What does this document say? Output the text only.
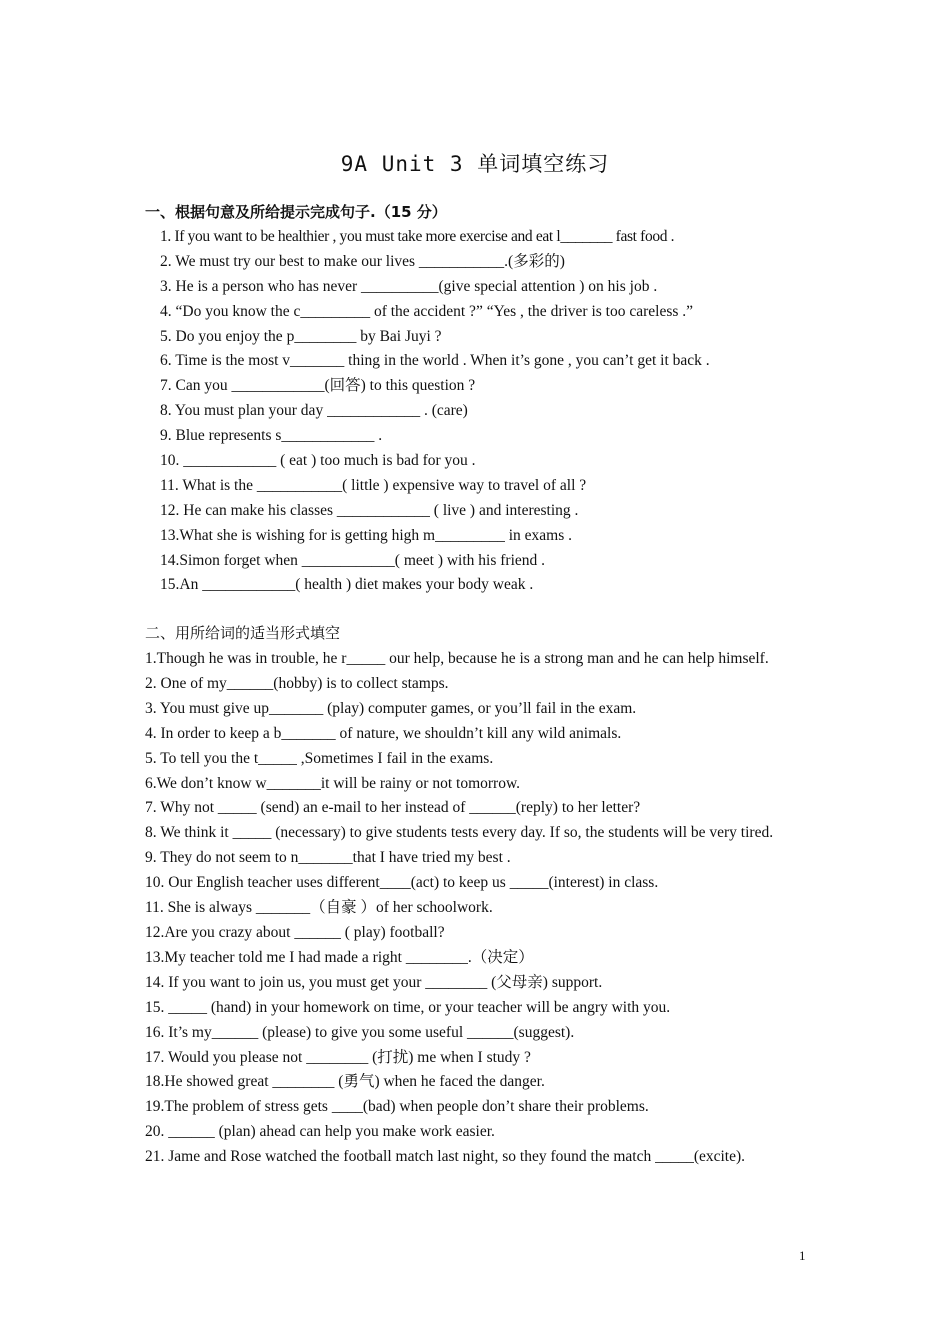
9A Unit 3 单词填空练习
一、根据句意及所给提示完成句子.（15 分）
1. If you want to be healthier , you must take more exercise and eat l_______ fast food .
2. We must try our best to make our lives ___________.(多彩的)
3. He is a person who has never __________(give special attention ) on his job .
4. “Do you know the c_________ of the accident ?” “Yes , the driver is too careless .”
5. Do you enjoy the p________ by Bai Juyi ?
6. Time is the most v_______ thing in the world . When it’s gone , you can’t get it back .
7. Can you ____________(回答) to this question ?
8. You must plan your day ____________ . (care)
9. Blue represents s____________ .
10. ____________ ( eat ) too much is bad for you .
11. What is the ___________( little ) expensive way to travel of all ?
12. He can make his classes ____________ ( live ) and interesting .
13.What she is wishing for is getting high m_________ in exams .
14.Simon forget when ____________( meet ) with his friend .
15.An ____________( health ) diet makes your body weak .
二、用所给词的适当形式填空
1.Though he was in trouble, he r_____ our help, because he is a strong man and he can help himself.
2. One of my______(hobby) is to collect stamps.
3. You must give up_______ (play) computer games, or you’ll fail in the exam.
4. In order to keep a b_______ of nature, we shouldn’t kill any wild animals.
5. To tell you the t_____ ,Sometimes I fail in the exams.
6.We don’t know w_______it will be rainy or not tomorrow.
7. Why not _____ (send) an e-mail to her instead of ______(reply) to her letter?
8. We think it _____ (necessary) to give students tests every day. If so, the students will be very tired.
9. They do not seem to n_______that I have tried my best .
10. Our English teacher uses different____(act) to keep us _____(interest) in class.
11. She is always _______（自豪 ）of her schoolwork.
12.Are you crazy about ______ ( play) football?
13.My teacher told me I had made a right ________.（决定）
14. If you want to join us, you must get your ________ (父母亲) support.
15. _____ (hand) in your homework on time, or your teacher will be angry with you.
16. It’s my______ (please) to give you some useful ______(suggest).
17. Would you please not ________ (打扰) me when I study ?
18.He showed great ________ (勇气) when he faced the danger.
19.The problem of stress gets ____(bad) when people don’t share their problems.
20. ______ (plan) ahead can help you make work easier.
21. Jame and Rose watched the football match last night, so they found the match _____(excite).
1
